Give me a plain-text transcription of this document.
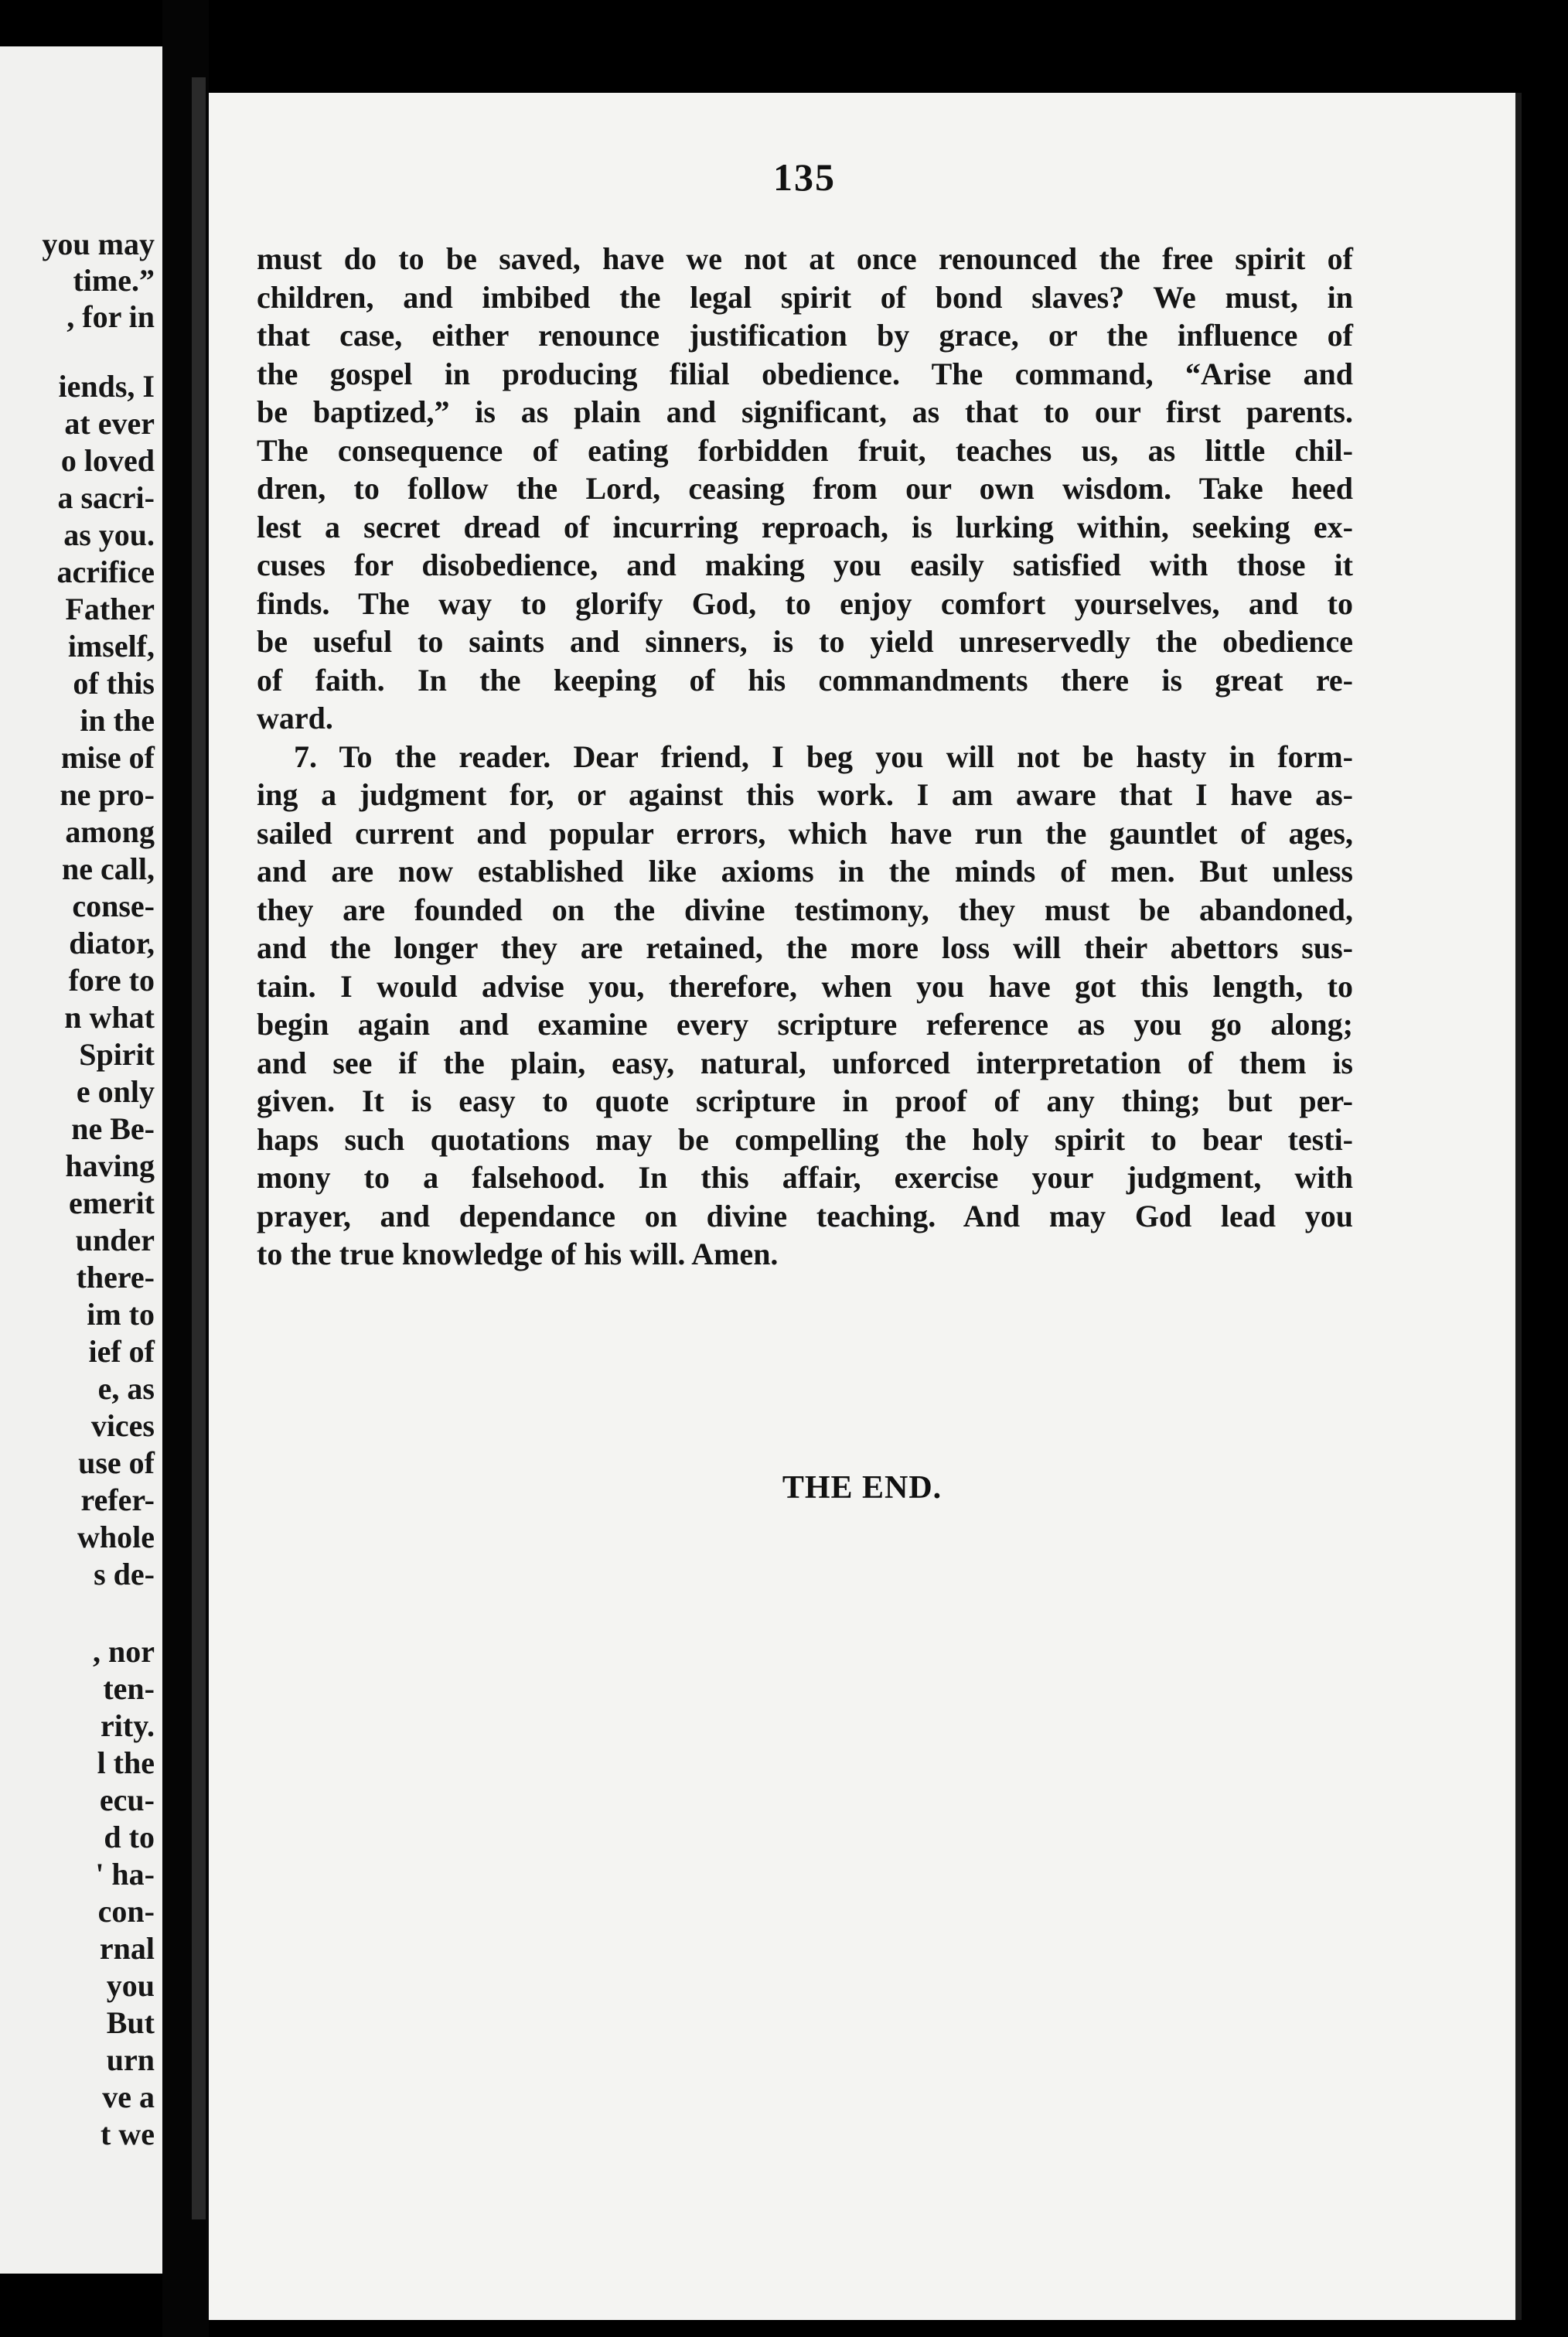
you may
time.”
, for in
iends, I
at ever
o loved
a sacri-
as you.
acrifice
Father
imself,
of this
in the
mise of
ne pro-
among
ne call,
conse-
diator,
fore to
n what
Spirit
e only
ne Be-
having
emerit
under
there-
im to
ief of
e, as
vices
use of
refer-
whole
s de-
, nor
ten-
rity.
l the
ecu-
d to
' ha-
con-
rnal
you
But
urn
ve a
t we
135
must do to be saved, have we not at once renounced the free spirit of
children, and imbibed the legal spirit of bond slaves? We must, in
that case, either renounce justification by grace, or the influence of
the gospel in producing filial obedience. The command, “Arise and
be baptized,” is as plain and significant, as that to our first parents.
The consequence of eating forbidden fruit, teaches us, as little chil-
dren, to follow the Lord, ceasing from our own wisdom. Take heed
lest a secret dread of incurring reproach, is lurking within, seeking ex-
cuses for disobedience, and making you easily satisfied with those it
finds. The way to glorify God, to enjoy comfort yourselves, and to
be useful to saints and sinners, is to yield unreservedly the obedience
of faith. In the keeping of his commandments there is great re-
ward.
7. To the reader. Dear friend, I beg you will not be hasty in form-
ing a judgment for, or against this work. I am aware that I have as-
sailed current and popular errors, which have run the gauntlet of ages,
and are now established like axioms in the minds of men. But unless
they are founded on the divine testimony, they must be abandoned,
and the longer they are retained, the more loss will their abettors sus-
tain. I would advise you, therefore, when you have got this length, to
begin again and examine every scripture reference as you go along;
and see if the plain, easy, natural, unforced interpretation of them is
given. It is easy to quote scripture in proof of any thing; but per-
haps such quotations may be compelling the holy spirit to bear testi-
mony to a falsehood. In this affair, exercise your judgment, with
prayer, and dependance on divine teaching. And may God lead you
to the true knowledge of his will. Amen.
THE END.
